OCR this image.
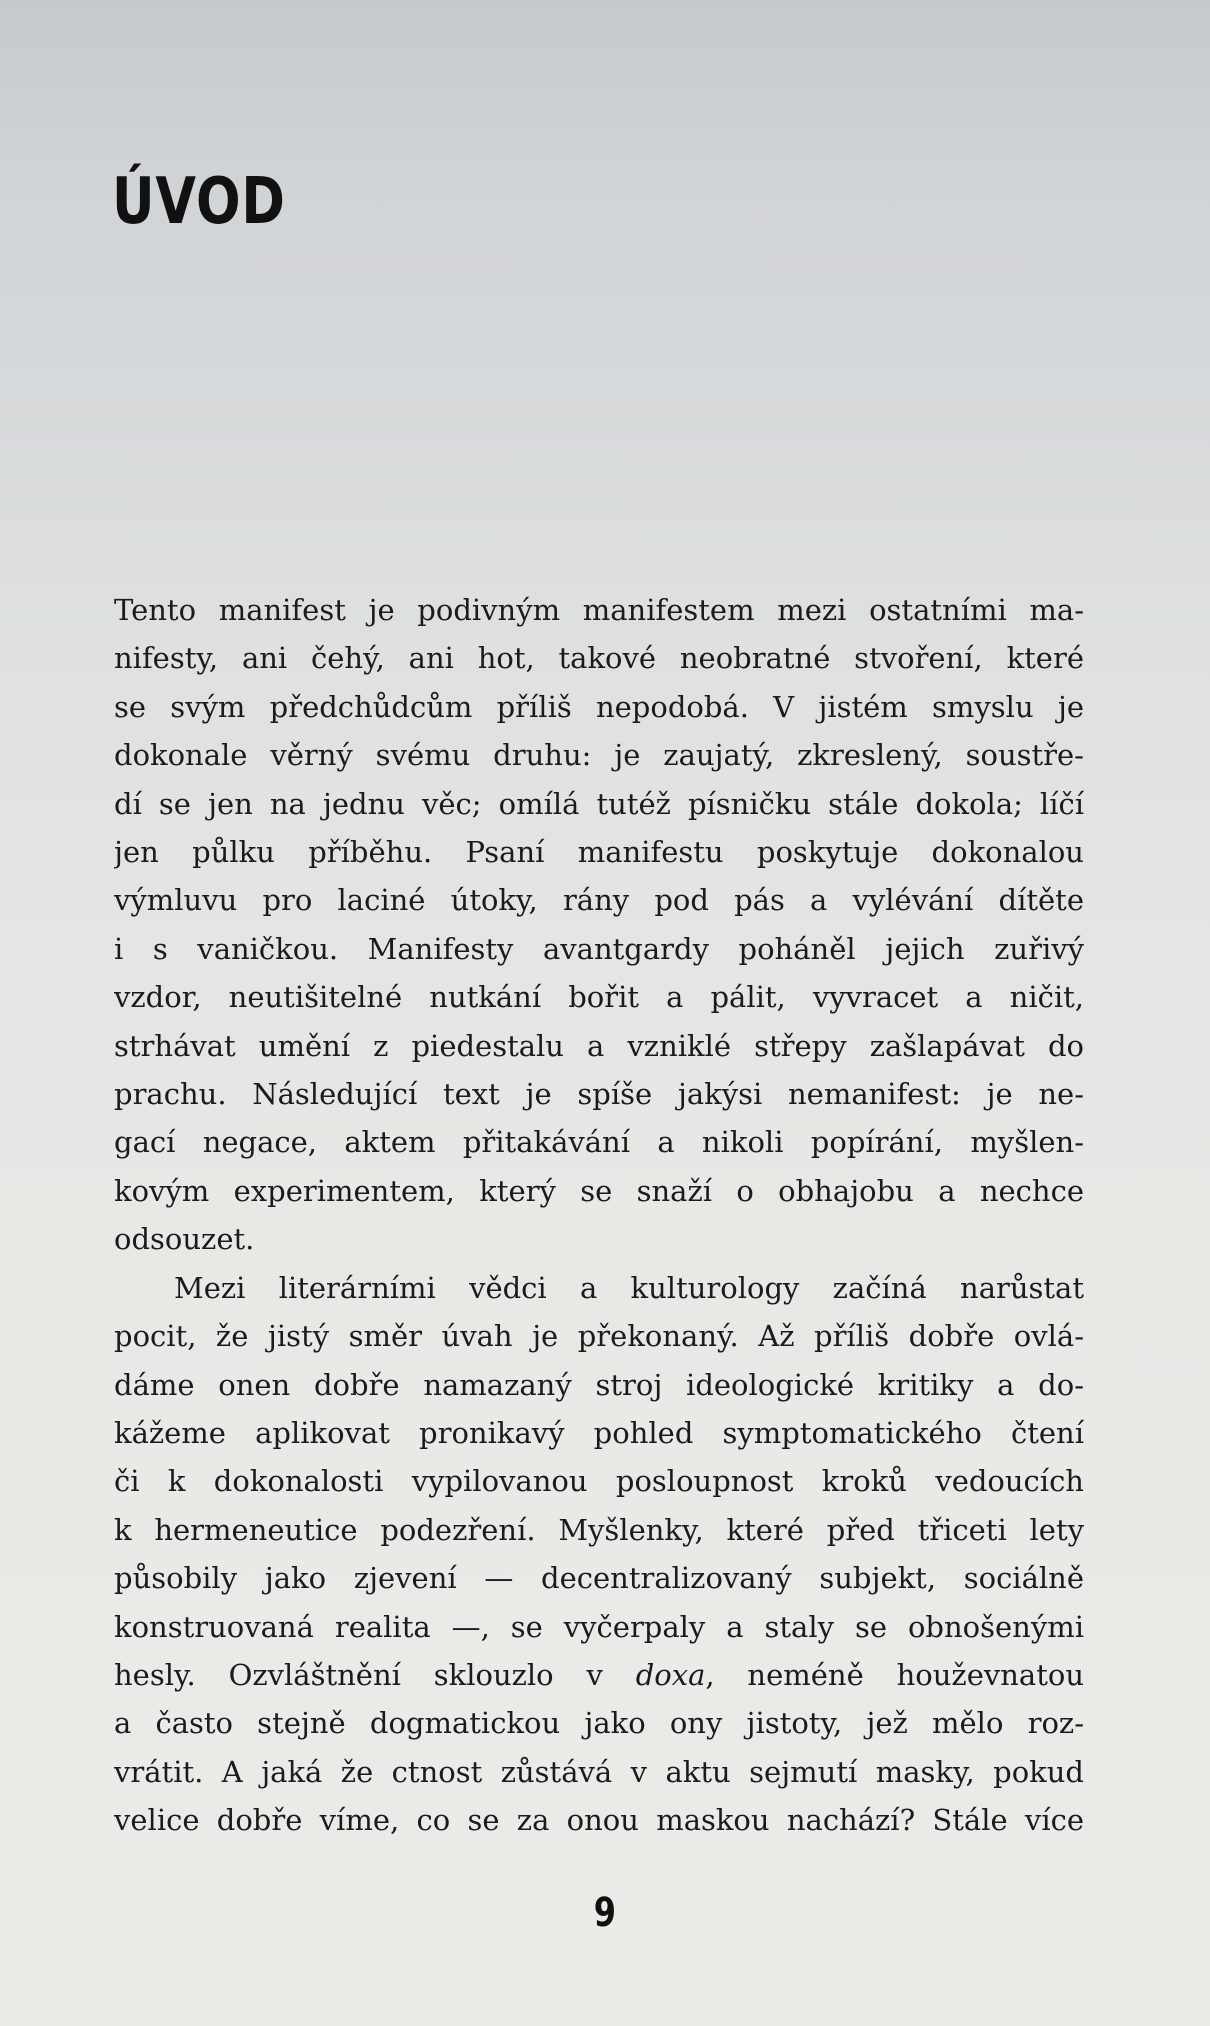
ÚVOD

Tento manifest je podivným manifestem mezi ostatními ma-
nifesty, ani čehý, ani hot, takové neobratné stvoření, které
se svým předchůdcům příliš nepodobá. V jistém smyslu je
dokonale věrný svému druhu: je zaujatý, zkreslený, soustře-
dí se jen na jednu věc; omílá tutéž písničku stále dokola; líčí
jen půlku příběhu. Psaní manifestu poskytuje dokonalou
výmluvu pro laciné útoky, rány pod pás a vylévání dítěte
i s vaničkou. Manifesty avantgardy poháněl jejich zuřivý
vzdor, neutišitelné nutkání bořit a pálit, vyvracet a ničit,
strhávat umění z piedestalu a vzniklé střepy zašlapávat do
prachu. Následující text je spíše jakýsi nemanifest: je ne-
gací negace, aktem přitakávání a nikoli popírání, myšlen-
kovým experimentem, který se snaží o obhajobu a nechce
odsouzet.

Mezi literárními vědci a kulturology začíná narůstat
pocit, že jistý směr úvah je překonaný. Až příliš dobře ovlá-
dáme onen dobře namazaný stroj ideologické kritiky a do-
kážeme aplikovat pronikavý pohled symptomatického čtení
či k dokonalosti vypilovanou posloupnost kroků vedoucích
k hermeneutice podezření. Myšlenky, které před třiceti lety
působily jako zjevení — decentralizovaný subjekt, sociálně
konstruovaná realita —, se vyčerpaly a staly se obnošenými
hesly. Ozvláštnění sklouzlo v doxa, neméně houževnatou
a často stejně dogmatickou jako ony jistoty, jež mělo roz-
vrátit. A jaká že ctnost zůstává v aktu sejmutí masky, pokud
velice dobře víme, co se za onou maskou nachází? Stále více

9
